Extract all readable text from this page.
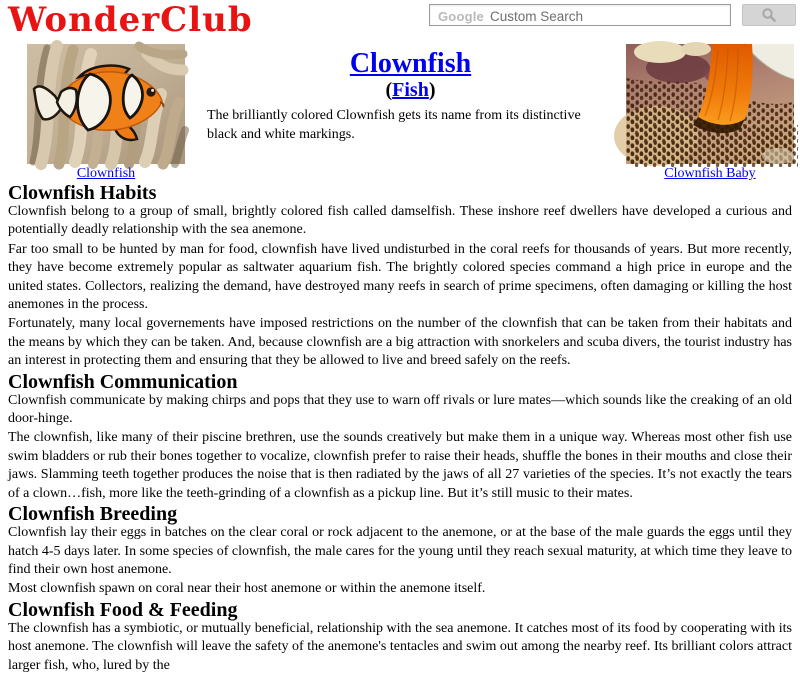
WonderClub	Google Custom Search
Clownfish
Clownfish
(Fish)

The brilliantly colored Clownfish gets its name from its distinctive black and white markings.

Clownfish Baby
Clownfish Habits

Clownfish belong to a group of small, brightly colored fish called damselfish. These inshore reef dwellers have developed a curious and potentially deadly relationship with the sea anemone.

Far too small to be hunted by man for food, clownfish have lived undisturbed in the coral reefs for thousands of years. But more recently, they have become extremely popular as saltwater aquarium fish. The brightly colored species command a high price in europe and the united states. Collectors, realizing the demand, have destroyed many reefs in search of prime specimens, often damaging or killing the host anemones in the process.

Fortunately, many local governements have imposed restrictions on the number of the clownfish that can be taken from their habitats and the means by which they can be taken. And, because clownfish are a big attraction with snorkelers and scuba divers, the tourist industry has an interest in protecting them and ensuring that they be allowed to live and breed safely on the reefs.

Clownfish Communication

Clownfish communicate by making chirps and pops that they use to warn off rivals or lure mates—which sounds like the creaking of an old door-hinge.

The clownfish, like many of their piscine brethren, use the sounds creatively but make them in a unique way. Whereas most other fish use swim bladders or rub their bones together to vocalize, clownfish prefer to raise their heads, shuffle the bones in their mouths and close their jaws. Slamming teeth together produces the noise that is then radiated by the jaws of all 27 varieties of the species. It’s not exactly the tears of a clown…fish, more like the teeth-grinding of a clownfish as a pickup line. But it’s still music to their mates.

Clownfish Breeding

Clownfish lay their eggs in batches on the clear coral or rock adjacent to the anemone, or at the base of the male guards the eggs until they hatch 4-5 days later. In some species of clownfish, the male cares for the young until they reach sexual maturity, at which time they leave to find their own host anemone.

Most clownfish spawn on coral near their host anemone or within the anemone itself.

Clownfish Food & Feeding

The clownfish has a symbiotic, or mutually beneficial, relationship with the sea anemone. It catches most of its food by cooperating with its host anemone. The clownfish will leave the safety of the anemone's tentacles and swim out among the nearby reef. Its brilliant colors attract larger fish, who, lured by the
